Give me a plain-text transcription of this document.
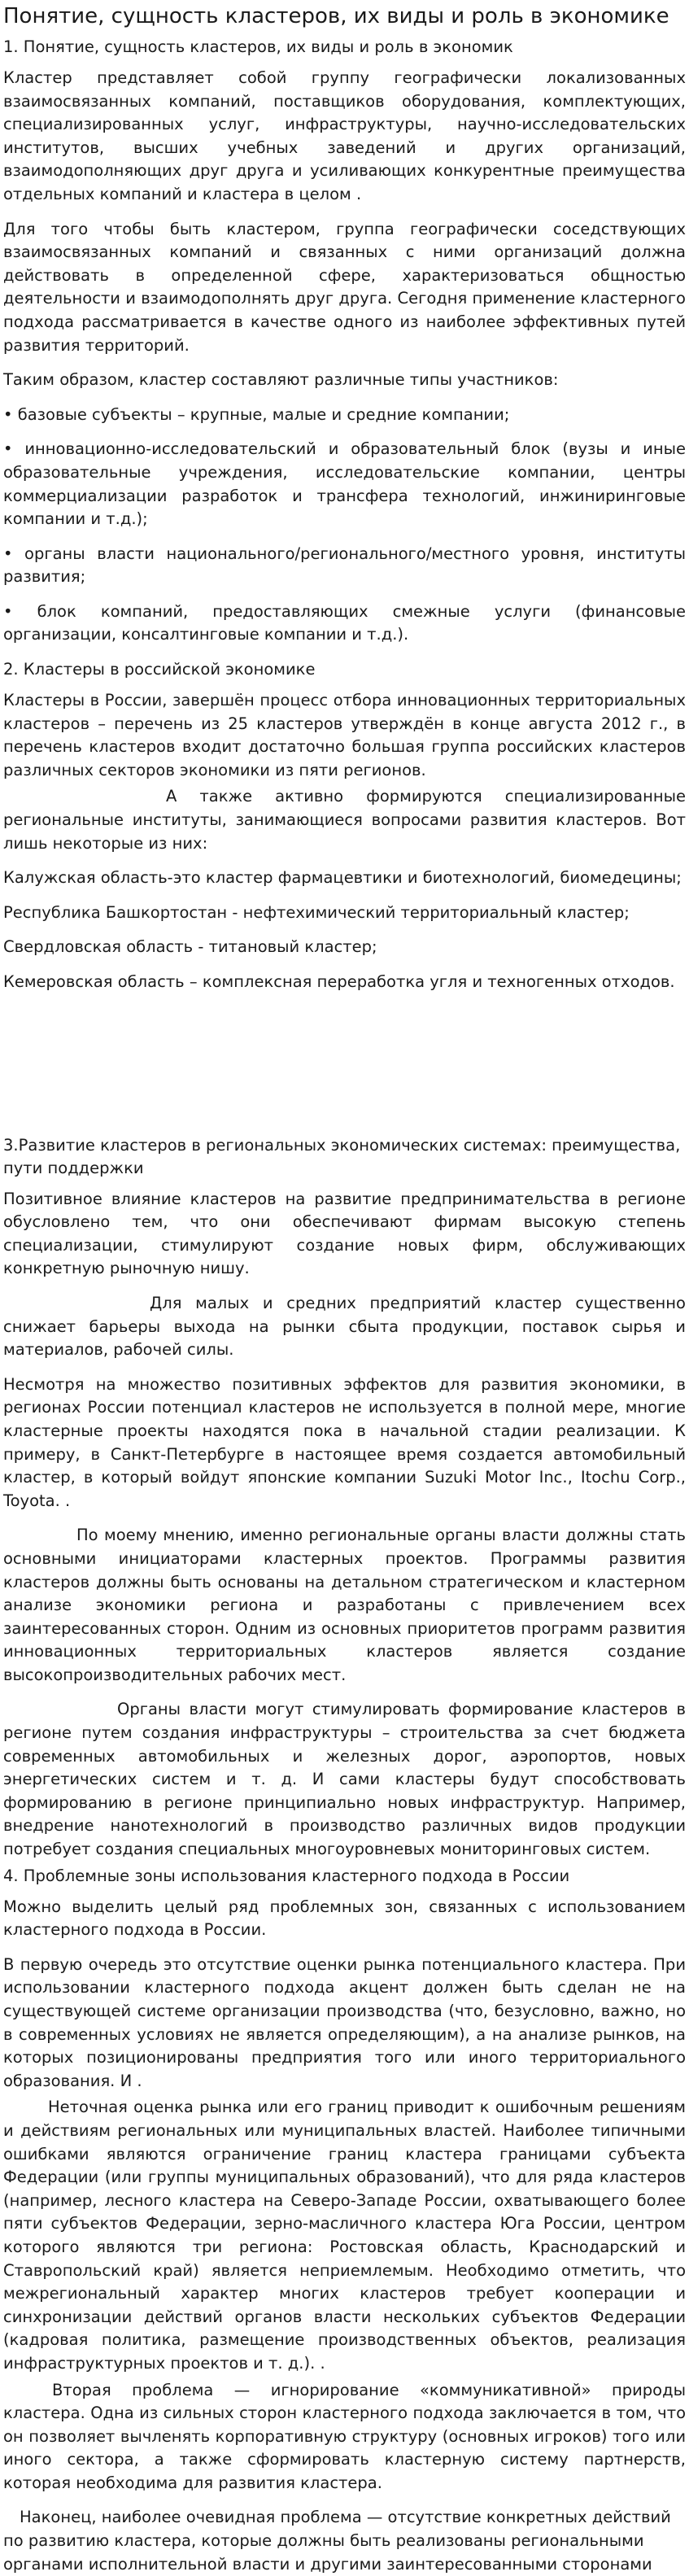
Понятие, сущность кластеров, их виды и роль в экономике
1. Понятие, сущность кластеров, их виды и роль в экономик

Кластер представляет собой группу географически локализованных взаимосвязанных компаний, поставщиков оборудования, комплектующих, специализированных услуг, инфраструктуры, научно-исследовательских институтов, высших учебных заведений и других организаций, взаимодополняющих друг друга и усиливающих конкурентные преимущества отдельных компаний и кластера в целом .

Для того чтобы быть кластером, группа географически соседствующих взаимосвязанных компаний и связанных с ними организаций должна действовать в определенной сфере, характеризоваться общностью деятельности и взаимодополнять друг друга. Сегодня применение кластерного подхода рассматривается в качестве одного из наиболее эффективных путей развития территорий.

Таким образом, кластер составляют различные типы участников:

• базовые субъекты – крупные, малые и средние компании;

• инновационно-исследовательский и образовательный блок (вузы и иные образовательные учреждения, исследовательские компании, центры коммерциализации разработок и трансфера технологий, инжиниринговые компании и т.д.);

• органы власти национального/регионального/местного уровня, институты развития;

• блок компаний, предоставляющих смежные услуги (финансовые организации, консалтинговые компании и т.д.).

2. Кластеры в российской экономике

Кластеры в России, завершён процесс отбора инновационных территориальных кластеров – перечень из 25 кластеров утверждён в конце августа 2012 г., в перечень кластеров входит достаточно большая группа российских кластеров различных секторов экономики из пяти регионов.

А также активно формируются специализированные региональные институты, занимающиеся вопросами развития кластеров. Вот лишь некоторые из них:

Калужская область-это кластер фармацевтики и биотехнологий, биомедецины;

Республика Башкортостан - нефтехимический территориальный кластер;

Свердловская область - титановый кластер;

Кемеровская область – комплексная переработка угля и техногенных отходов.

3.Развитие кластеров в региональных экономических системах: преимущества, пути поддержки

Позитивное влияние кластеров на развитие предпринимательства в регионе обусловлено тем, что они обеспечивают фирмам высокую степень специализации, стимулируют создание новых фирм, обслуживающих конкретную рыночную нишу.

Для малых и средних предприятий кластер существенно снижает барьеры выхода на рынки сбыта продукции, поставок сырья и материалов, рабочей силы.

Несмотря на множество позитивных эффектов для развития экономики, в регионах России потенциал кластеров не используется в полной мере, многие кластерные проекты находятся пока в начальной стадии реализации. К примеру, в Санкт-Петербурге в настоящее время создается автомобильный кластер, в который войдут японские компании Suzuki Motor Inc., Itochu Corp., Toyota. .

По моему мнению, именно региональные органы власти должны стать основными инициаторами кластерных проектов. Программы развития кластеров должны быть основаны на детальном стратегическом и кластерном анализе экономики региона и разработаны с привлечением всех заинтересованных сторон. Одним из основных приоритетов программ развития инновационных территориальных кластеров является создание высокопроизводительных рабочих мест.

Органы власти могут стимулировать формирование кластеров в регионе путем создания инфраструктуры – строительства за счет бюджета современных автомобильных и железных дорог, аэропортов, новых энергетических систем и т. д. И сами кластеры будут способствовать формированию в регионе принципиально новых инфраструктур. Например, внедрение нанотехнологий в производство различных видов продукции потребует создания специальных многоуровневых мониторинговых систем.

4. Проблемные зоны использования кластерного подхода в России

Можно выделить целый ряд проблемных зон, связанных с использованием кластерного подхода в России.

В первую очередь это отсутствие оценки рынка потенциального кластера. При использовании кластерного подхода акцент должен быть сделан не на существующей системе организации производства (что, безусловно, важно, но в современных условиях не является определяющим), а на анализе рынков, на которых позиционированы предприятия того или иного территориального образования. И .

Неточная оценка рынка или его границ приводит к ошибочным решениям и действиям региональных или муниципальных властей. Наиболее типичными ошибками являются ограничение границ кластера границами субъекта Федерации (или группы муниципальных образований), что для ряда кластеров (например, лесного кластера на Северо-Западе России, охватывающего более пяти субъектов Федерации, зерно-масличного кластера Юга России, центром которого являются три региона: Ростовская область, Краснодарский и Ставропольский край) является неприемлемым. Необходимо отметить, что межрегиональный характер многих кластеров требует кооперации и синхронизации действий органов власти нескольких субъектов Федерации (кадровая политика, размещение производственных объектов, реализация инфраструктурных проектов и т. д.). .

Вторая проблема — игнорирование «коммуникативной» природы кластера. Одна из сильных сторон кластерного подхода заключается в том, что он позволяет вычленять корпоративную структуру (основных игроков) того или иного сектора, а также сформировать кластерную систему партнерств, которая необходима для развития кластера.

Наконец, наиболее очевидная проблема — отсутствие конкретных действий по развитию кластера, которые должны быть реализованы региональными органами исполнительной власти и другими заинтересованными сторонами
